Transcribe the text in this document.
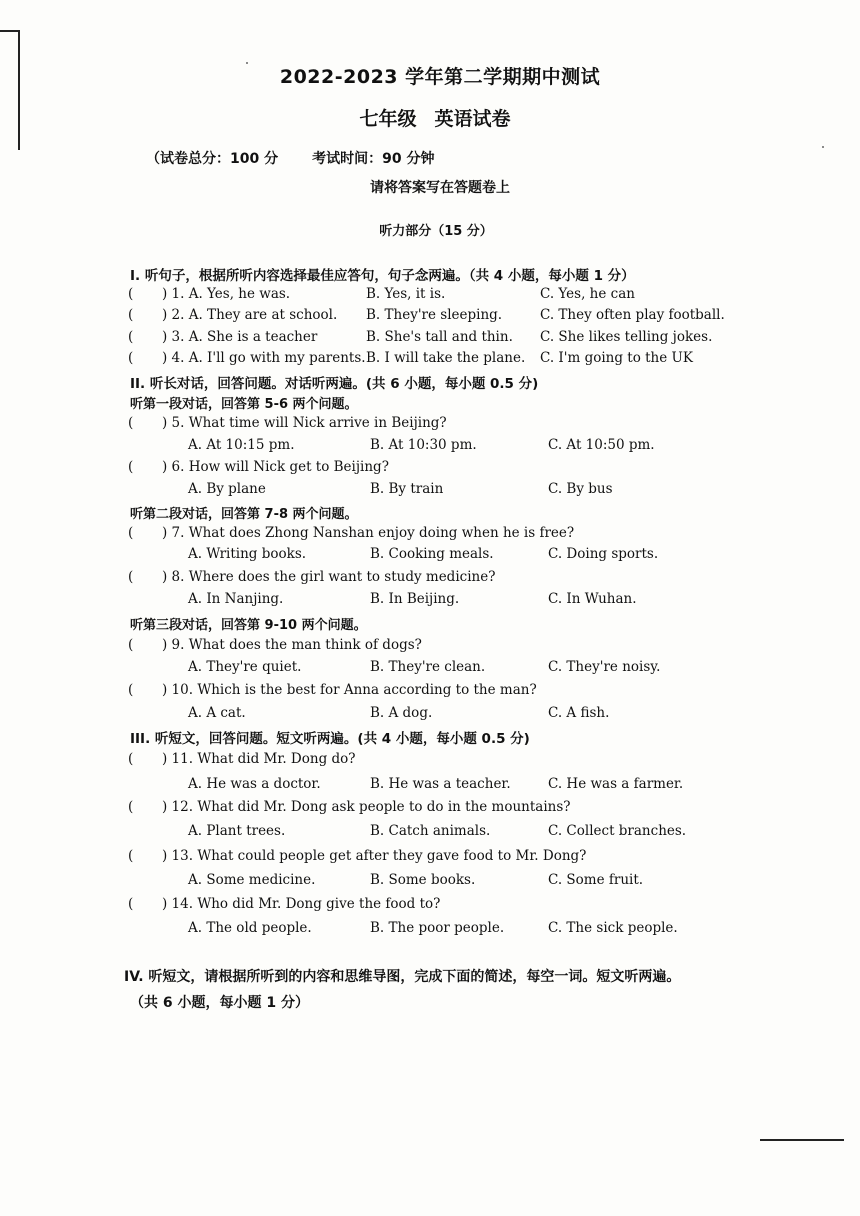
2022-2023 学年第二学期期中测试
七年级 英语试卷
（试卷总分：100 分 考试时间：90 分钟
请将答案写在答题卷上
听力部分（15 分）
I. 听句子，根据所听内容选择最佳应答句，句子念两遍。（共 4 小题，每小题 1 分）
( ) 1. A. Yes, he was.	B. Yes, it is.	C. Yes, he can
( ) 2. A. They are at school. B. They're sleeping.	C. They often play football.
( ) 3. A. She is a teacher	B. She's tall and thin. C. She likes telling jokes.
( ) 4. A. I'll go with my parents. B. I will take the plane. C. I'm going to the UK
II. 听长对话，回答问题。对话听两遍。(共 6 小题，每小题 0.5 分)
听第一段对话，回答第 5-6 两个问题。
( ) 5. What time will Nick arrive in Beijing?
A. At 10:15 pm.	B. At 10:30 pm.	C. At 10:50 pm.
( ) 6. How will Nick get to Beijing?
A. By plane	B. By train	C. By bus
听第二段对话，回答第 7-8 两个问题。
( ) 7. What does Zhong Nanshan enjoy doing when he is free?
A. Writing books.	B. Cooking meals.	C. Doing sports.
( ) 8. Where does the girl want to study medicine?
A. In Nanjing.	B. In Beijing.	C. In Wuhan.
听第三段对话，回答第 9-10 两个问题。
( ) 9. What does the man think of dogs?
A. They're quiet.	B. They're clean.	C. They're noisy.
( ) 10. Which is the best for Anna according to the man?
A. A cat.	B. A dog.	C. A fish.
III. 听短文，回答问题。短文听两遍。(共 4 小题，每小题 0.5 分)
( ) 11. What did Mr. Dong do?
A. He was a doctor.	B. He was a teacher.	C. He was a farmer.
( ) 12. What did Mr. Dong ask people to do in the mountains?
A. Plant trees.	B. Catch animals.	C. Collect branches.
( ) 13. What could people get after they gave food to Mr. Dong?
A. Some medicine.	B. Some books.	C. Some fruit.
( ) 14. Who did Mr. Dong give the food to?
A. The old people.	B. The poor people.	C. The sick people.
IV. 听短文，请根据所听到的内容和思维导图，完成下面的简述，每空一词。短文听两遍。
（共 6 小题，每小题 1 分）
